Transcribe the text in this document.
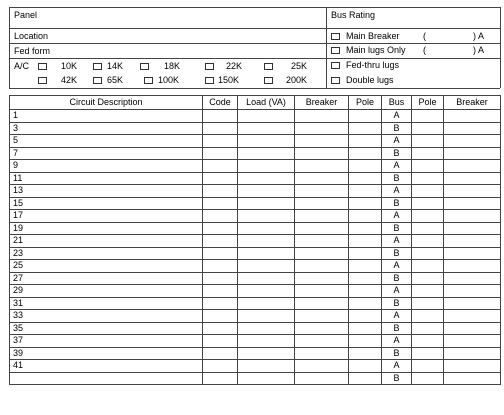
Panel
Location
Fed form
A/C	10K	14K	18K	22K	25K
42K	65K	100K	150K	200K
Bus Rating
Main Breaker	(	) A
Main lugs Only (	) A
Fed-thru lugs
Double lugs
Circuit Description	Code	Load (VA)	Breaker	Pole	Bus	Pole	Breaker
1					A		
3					B		
5					A		
7					B		
9					A		
11					B		
13					A		
15					B		
17					A		
19					B		
21					A		
23					B		
25					A		
27					B		
29					A		
31					B		
33					A		
35					B		
37					A		
39					B		
41					A		
					B		
